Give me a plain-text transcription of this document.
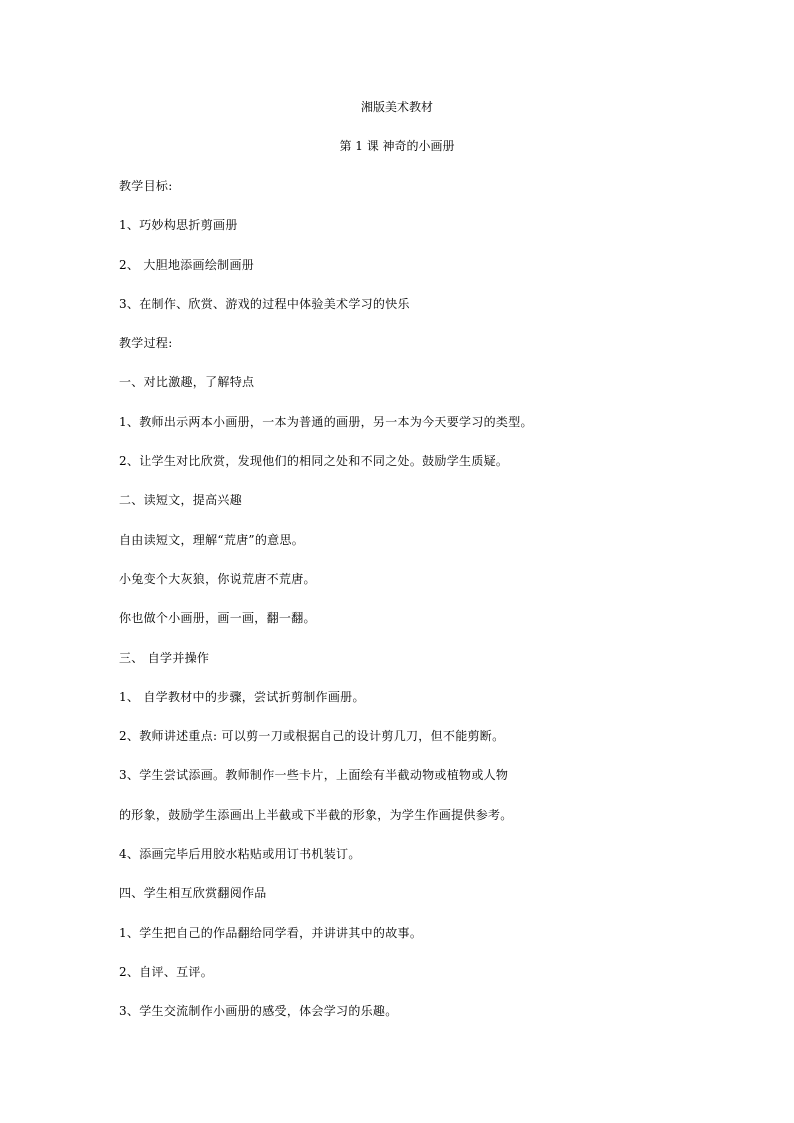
湘版美术教材
第 1 课 神奇的小画册
教学目标:
1、巧妙构思折剪画册
2、 大胆地添画绘制画册
3、在制作、欣赏、游戏的过程中体验美术学习的快乐
教学过程:
一、对比激趣，了解特点
1、教师出示两本小画册，一本为普通的画册，另一本为今天要学习的类型。
2、让学生对比欣赏，发现他们的相同之处和不同之处。鼓励学生质疑。
二、读短文，提高兴趣
自由读短文，理解“荒唐”的意思。
小兔变个大灰狼，你说荒唐不荒唐。
你也做个小画册，画一画，翻一翻。
三、 自学并操作
1、 自学教材中的步骤，尝试折剪制作画册。
2、教师讲述重点: 可以剪一刀或根据自己的设计剪几刀，但不能剪断。
3、学生尝试添画。教师制作一些卡片，上面绘有半截动物或植物或人物
的形象，鼓励学生添画出上半截或下半截的形象，为学生作画提供参考。
4、添画完毕后用胶水粘贴或用订书机装订。
四、学生相互欣赏翻阅作品
1、学生把自己的作品翻给同学看，并讲讲其中的故事。
2、自评、互评。
3、学生交流制作小画册的感受，体会学习的乐趣。
